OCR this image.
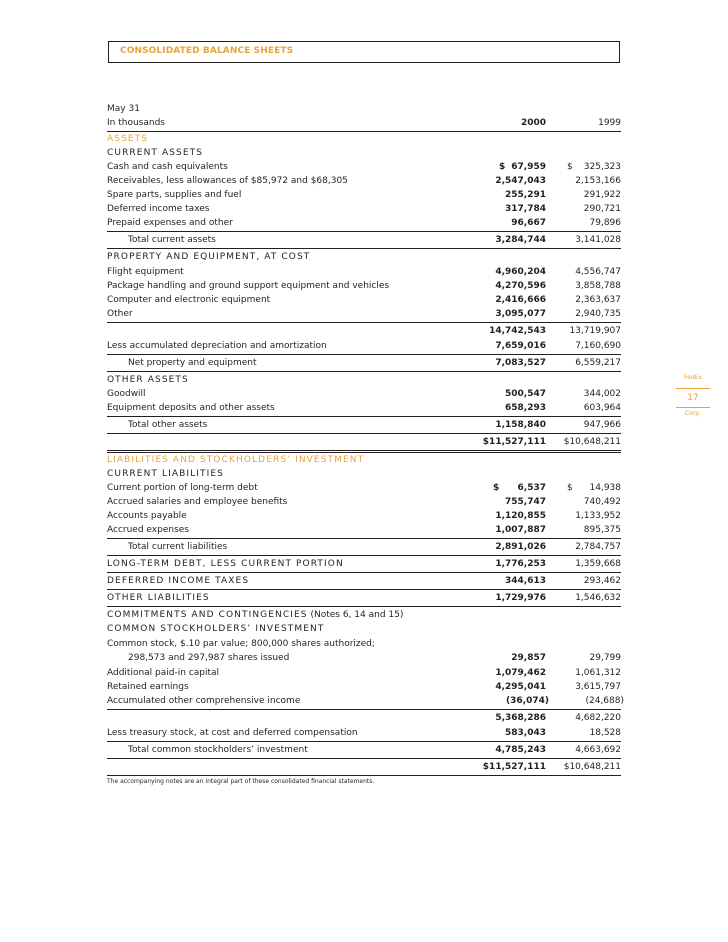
CONSOLIDATED BALANCE SHEETS
May 31
In thousands	2000	1999
ASSETS
CURRENT ASSETS
Cash and cash equivalents	$ 67,959 $ 325,323
Receivables, less allowances of $85,972 and $68,305	2,547,043	2,153,166
Spare parts, supplies and fuel	255,291	291,922
Deferred income taxes	317,784	290,721
Prepaid expenses and other	96,667	79,896
Total current assets	3,284,744	3,141,028
PROPERTY AND EQUIPMENT, AT COST
Flight equipment	4,960,204	4,556,747
Package handling and ground support equipment and vehicles	4,270,596	3,858,788
Computer and electronic equipment	2,416,666	2,363,637
Other	3,095,077	2,940,735
14,742,543	13,719,907
Less accumulated depreciation and amortization	7,659,016	7,160,690
Net property and equipment	7,083,527	6,559,217
OTHER ASSETS
Goodwill	500,547	344,002
Equipment deposits and other assets	658,293	603,964
Total other assets	1,158,840	947,966
$11,527,111 $10,648,211
LIABILITIES AND STOCKHOLDERS’ INVESTMENT
CURRENT LIABILITIES
Current portion of long-term debt	$ 6,537 $ 14,938
Accrued salaries and employee benefits	755,747	740,492
Accounts payable	1,120,855	1,133,952
Accrued expenses	1,007,887	895,375
Total current liabilities	2,891,026	2,784,757
LONG-TERM DEBT, LESS CURRENT PORTION	1,776,253	1,359,668
DEFERRED INCOME TAXES	344,613	293,462
OTHER LIABILITIES	1,729,976	1,546,632
COMMITMENTS AND CONTINGENCIES (Notes 6, 14 and 15)
COMMON STOCKHOLDERS’ INVESTMENT
Common stock, $.10 par value; 800,000 shares authorized;
298,573 and 297,987 shares issued	29,857	29,799
Additional paid-in capital	1,079,462	1,061,312
Retained earnings	4,295,041	3,615,797
Accumulated other comprehensive income	(36,074)	(24,688)
5,368,286	4,682,220
Less treasury stock, at cost and deferred compensation	583,043	18,528
Total common stockholders’ investment	4,785,243	4,663,692
$11,527,111 $10,648,211
The accompanying notes are an integral part of these consolidated financial statements.
FedEx
17
Corp.
